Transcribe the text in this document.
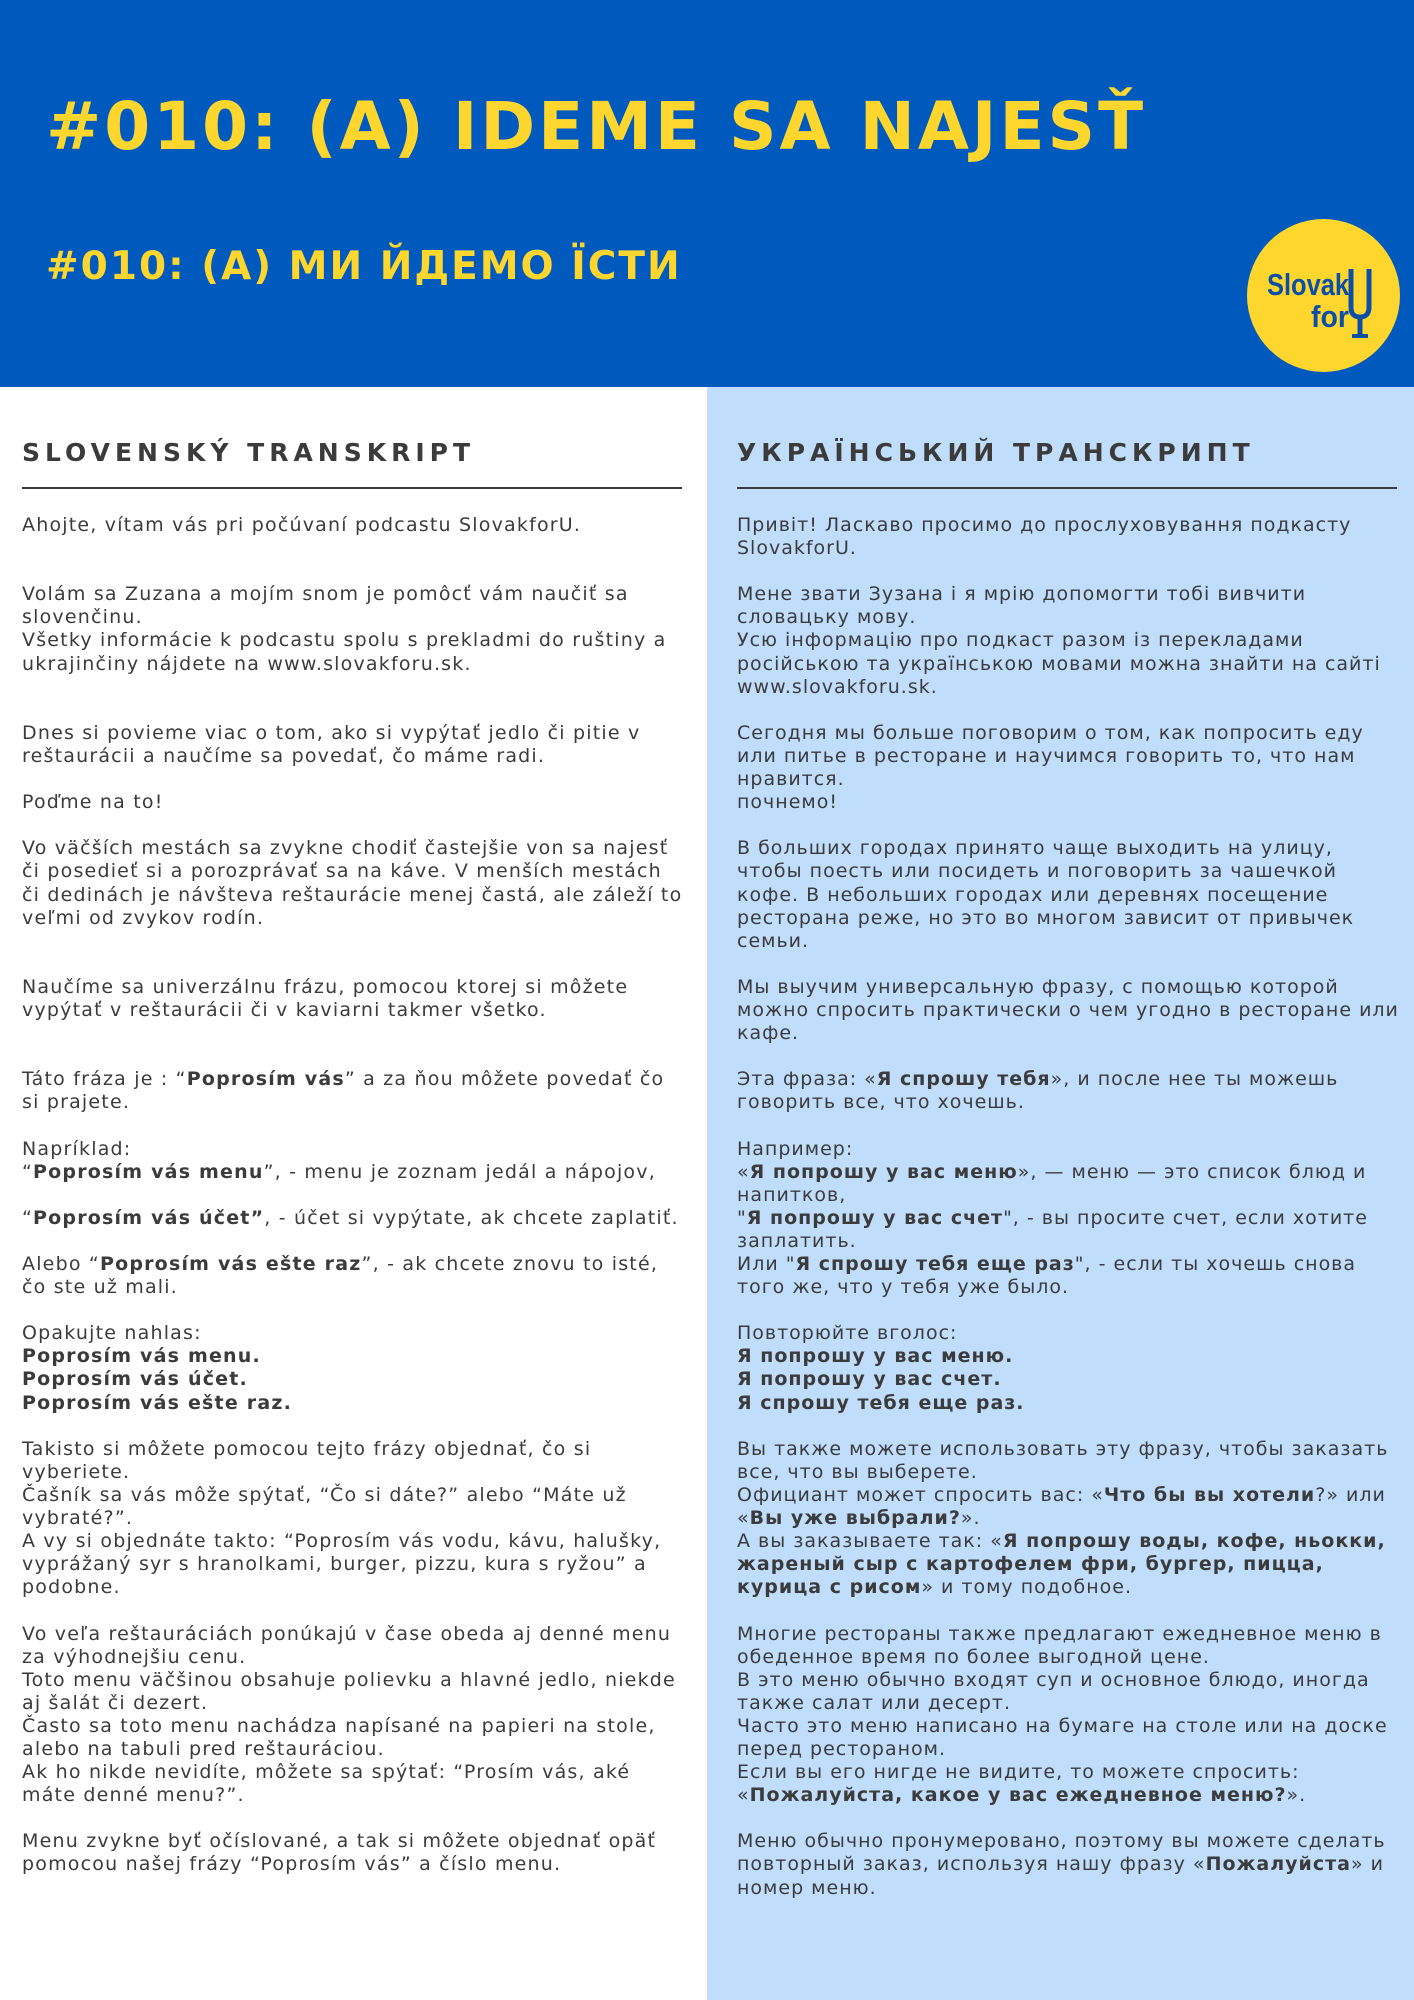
#010: (A) IDEME SA NAJESŤ
#010: (А) МИ ЙДЕМО ЇСТИ	Slovak
for
SLOVENSKÝ TRANSKRIPT

Ahojte, vítam vás pri počúvaní podcastu SlovakforU.

Volám sa Zuzana a mojím snom je pomôcť vám naučiť sa slovenčinu.

Všetky informácie k podcastu spolu s prekladmi do ruštiny a ukrajinčiny nájdete na www.slovakforu.sk.

Dnes si povieme viac o tom, ako si vypýtať jedlo či pitie v reštaurácii a naučíme sa povedať, čo máme radi.

Poďme na to!

Vo väčších mestách sa zvykne chodiť častejšie von sa najesť či posedieť si a porozprávať sa na káve. V menších mestách či dedinách je návšteva reštaurácie menej častá, ale záleží to veľmi od zvykov rodín.

Naučíme sa univerzálnu frázu, pomocou ktorej si môžete vypýtať v reštaurácii či v kaviarni takmer všetko.

Táto fráza je : “Poprosím vás” a za ňou môžete povedať čo si prajete.

Napríklad:

“Poprosím vás menu”, - menu je zoznam jedál a nápojov,

“Poprosím vás účet”, - účet si vypýtate, ak chcete zaplatiť.

Alebo “Poprosím vás ešte raz”, - ak chcete znovu to isté, čo ste už mali.

Opakujte nahlas:

Poprosím vás menu.

Poprosím vás účet.

Poprosím vás ešte raz.

Takisto si môžete pomocou tejto frázy objednať, čo si vyberiete.

Čašník sa vás môže spýtať, “Čo si dáte?” alebo “Máte už vybraté?”.

A vy si objednáte takto: “Poprosím vás vodu, kávu, halušky, vyprážaný syr s hranolkami, burger, pizzu, kura s ryžou” a podobne.

Vo veľa reštauráciách ponúkajú v čase obeda aj denné menu za výhodnejšiu cenu.

Toto menu väčšinou obsahuje polievku a hlavné jedlo, niekde aj šalát či dezert.

Často sa toto menu nachádza napísané na papieri na stole, alebo na tabuli pred reštauráciou.

Ak ho nikde nevidíte, môžete sa spýtať: “Prosím vás, aké máte denné menu?”.

Menu zvykne byť očíslované, a tak si môžete objednať opäť pomocou našej frázy “Poprosím vás” a číslo menu.

УКРАЇНСЬКИЙ ТРАНСКРИПТ

Привіт! Ласкаво просимо до прослуховування подкасту SlovakforU.

Мене звати Зузана і я мрію допомогти тобі вивчити словацьку мову.

Усю інформацію про подкаст разом із перекладами російською та українською мовами можна знайти на сайті www.slovakforu.sk.

Сегодня мы больше поговорим о том, как попросить еду или питье в ресторане и научимся говорить то, что нам нравится.

почнемо!

В больших городах принято чаще выходить на улицу, чтобы поесть или посидеть и поговорить за чашечкой кофе. В небольших городах или деревнях посещение ресторана реже, но это во многом зависит от привычек семьи.

Мы выучим универсальную фразу, с помощью которой можно спросить практически о чем угодно в ресторане или кафе.

Эта фраза: «Я спрошу тебя», и после нее ты можешь говорить все, что хочешь.

Например:

«Я попрошу у вас меню», — меню — это список блюд и напитков,

"Я попрошу у вас счет", - вы просите счет, если хотите заплатить.

Или "Я спрошу тебя еще раз", - если ты хочешь снова того же, что у тебя уже было.

Повторюйте вголос:

Я попрошу у вас меню.

Я попрошу у вас счет.

Я спрошу тебя еще раз.

Вы также можете использовать эту фразу, чтобы заказать все, что вы выберете.

Официант может спросить вас: «Что бы вы хотели?» или «Вы уже выбрали?».

А вы заказываете так: «Я попрошу воды, кофе, ньокки, жареный сыр с картофелем фри, бургер, пицца, курица с рисом» и тому подобное.

Многие рестораны также предлагают ежедневное меню в обеденное время по более выгодной цене.

В это меню обычно входят суп и основное блюдо, иногда также салат или десерт.

Часто это меню написано на бумаге на столе или на доске перед рестораном.

Если вы его нигде не видите, то можете спросить: «Пожалуйста, какое у вас ежедневное меню?».

Меню обычно пронумеровано, поэтому вы можете сделать повторный заказ, используя нашу фразу «Пожалуйста» и номер меню.
